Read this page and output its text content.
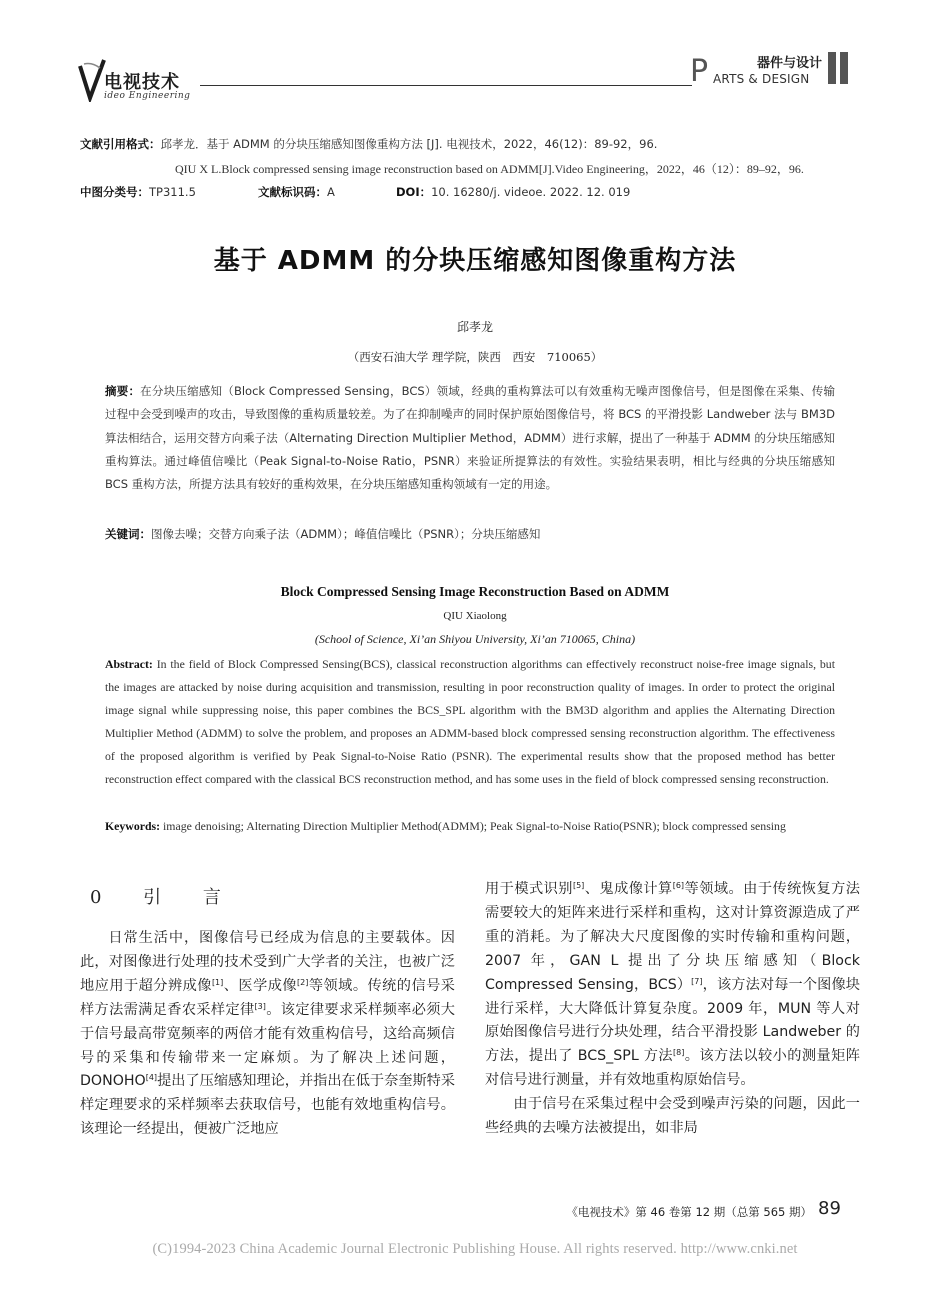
电视技术
ideo Engineering
器件与设计
P ARTS & DESIGN
文献引用格式：邱孝龙．基于 ADMM 的分块压缩感知图像重构方法 [J]. 电视技术，2022，46(12)：89-92，96.
QIU X L.Block compressed sensing image reconstruction based on ADMM[J].Video Engineering，2022，46（12）：89–92，96.
中图分类号：TP311.5	文献标识码：A	DOI：10. 16280/j. videoe. 2022. 12. 019
基于 ADMM 的分块压缩感知图像重构方法
邱孝龙
（西安石油大学 理学院，陕西　西安　710065）
摘要：在分块压缩感知（Block Compressed Sensing，BCS）领域，经典的重构算法可以有效重构无噪声图像信号，但是图像在采集、传输过程中会受到噪声的攻击，导致图像的重构质量较差。为了在抑制噪声的同时保护原始图像信号，将 BCS 的平滑投影 Landweber 法与 BM3D 算法相结合，运用交替方向乘子法（Alternating Direction Multiplier Method，ADMM）进行求解，提出了一种基于 ADMM 的分块压缩感知重构算法。通过峰值信噪比（Peak Signal-to-Noise Ratio，PSNR）来验证所提算法的有效性。实验结果表明，相比与经典的分块压缩感知 BCS 重构方法，所提方法具有较好的重构效果，在分块压缩感知重构领域有一定的用途。
关键词：图像去噪；交替方向乘子法（ADMM）；峰值信噪比（PSNR）；分块压缩感知
Block Compressed Sensing Image Reconstruction Based on ADMM
QIU Xiaolong
(School of Science, Xi’an Shiyou University, Xi’an 710065, China)
Abstract: In the field of Block Compressed Sensing(BCS), classical reconstruction algorithms can effectively reconstruct noise-free image signals, but the images are attacked by noise during acquisition and transmission, resulting in poor reconstruction quality of images. In order to protect the original image signal while suppressing noise, this paper combines the BCS_SPL algorithm with the BM3D algorithm and applies the Alternating Direction Multiplier Method (ADMM) to solve the problem, and proposes an ADMM-based block compressed sensing reconstruction algorithm. The effectiveness of the proposed algorithm is verified by Peak Signal-to-Noise Ratio (PSNR). The experimental results show that the proposed method has better reconstruction effect compared with the classical BCS reconstruction method, and has some uses in the field of block compressed sensing reconstruction.
Keywords: image denoising; Alternating Direction Multiplier Method(ADMM); Peak Signal-to-Noise Ratio(PSNR); block compressed sensing
0 引 言

日常生活中，图像信号已经成为信息的主要载体。因此，对图像进行处理的技术受到广大学者的关注，也被广泛地应用于超分辨成像[1]、医学成像[2]等领域。传统的信号采样方法需满足香农采样定律[3]。该定律要求采样频率必须大于信号最高带宽频率的两倍才能有效重构信号，这给高频信号的采集和传输带来一定麻烦。为了解决上述问题，DONOHO[4]提出了压缩感知理论，并指出在低于奈奎斯特采样定理要求的采样频率去获取信号，也能有效地重构信号。该理论一经提出，便被广泛地应

用于模式识别[5]、鬼成像计算[6]等领域。由于传统恢复方法需要较大的矩阵来进行采样和重构，这对计算资源造成了严重的消耗。为了解决大尺度图像的实时传输和重构问题，2007 年，GAN L 提出了分块压缩感知（Block Compressed Sensing，BCS）[7]，该方法对每一个图像块进行采样，大大降低计算复杂度。2009 年，MUN 等人对原始图像信号进行分块处理，结合平滑投影 Landweber 的方法，提出了 BCS_SPL 方法[8]。该方法以较小的测量矩阵对信号进行测量，并有效地重构原始信号。

由于信号在采集过程中会受到噪声污染的问题，因此一些经典的去噪方法被提出，如非局

《电视技术》第 46 卷第 12 期（总第 565 期） 89
(C)1994-2023 China Academic Journal Electronic Publishing House. All rights reserved. http://www.cnki.net
